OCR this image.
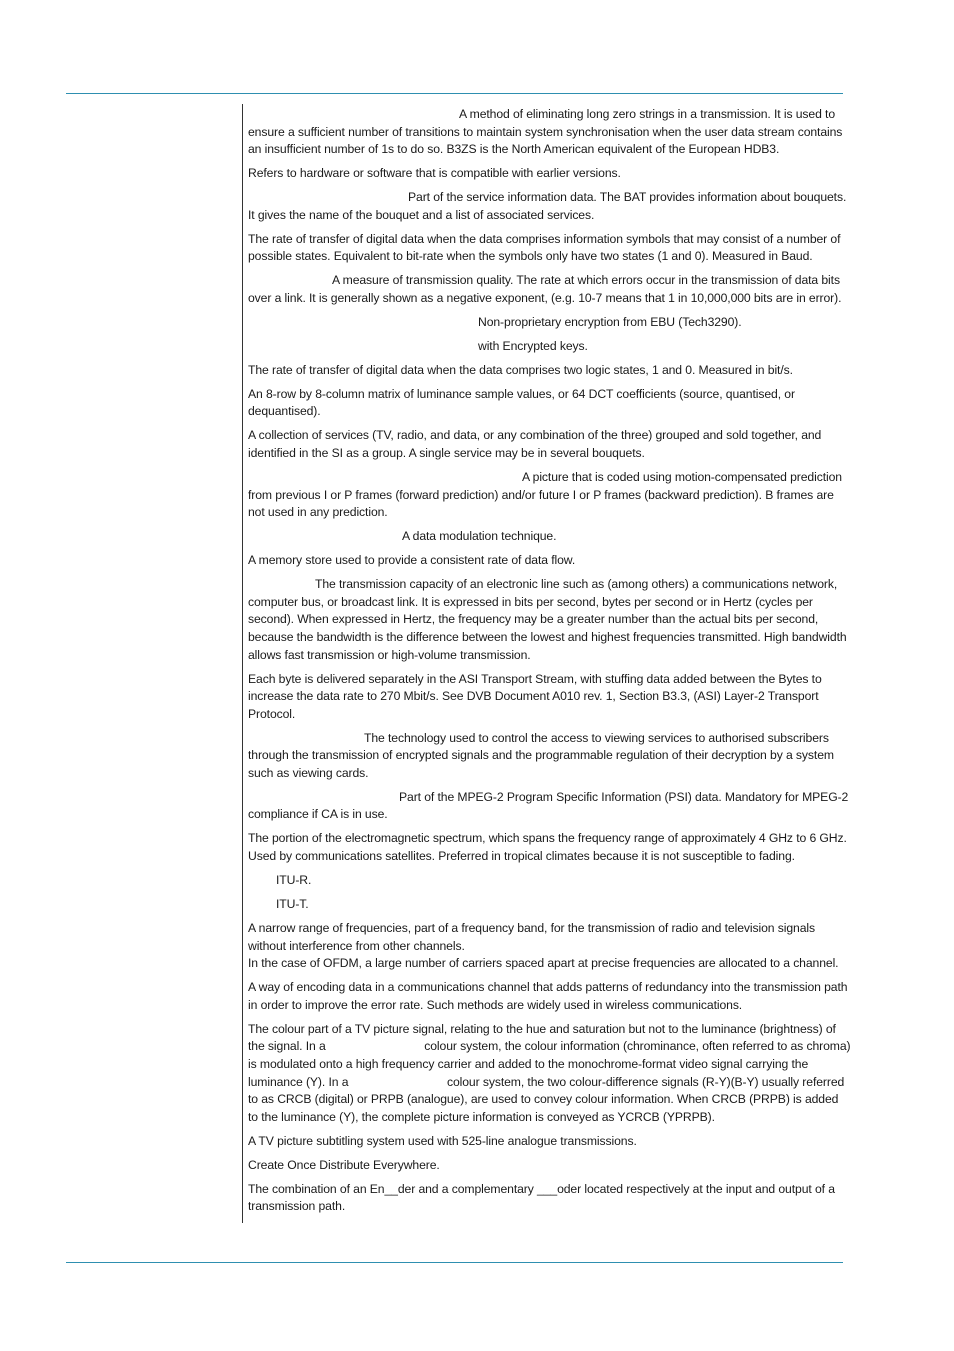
A method of eliminating long zero strings in a transmission. It is used to ensure a sufficient number of transitions to maintain system synchronisation when the user data stream contains an insufficient number of 1s to do so. B3ZS is the North American equivalent of the European HDB3.

Refers to hardware or software that is compatible with earlier versions.

Part of the service information data. The BAT provides information about bouquets. It gives the name of the bouquet and a list of associated services.

The rate of transfer of digital data when the data comprises information symbols that may consist of a number of possible states. Equivalent to bit-rate when the symbols only have two states (1 and 0). Measured in Baud.

A measure of transmission quality. The rate at which errors occur in the transmission of data bits over a link. It is generally shown as a negative exponent, (e.g. 10-7 means that 1 in 10,000,000 bits are in error).

Non-proprietary encryption from EBU (Tech3290).

with Encrypted keys.

The rate of transfer of digital data when the data comprises two logic states, 1 and 0. Measured in bit/s.

An 8-row by 8-column matrix of luminance sample values, or 64 DCT coefficients (source, quantised, or dequantised).

A collection of services (TV, radio, and data, or any combination of the three) grouped and sold together, and identified in the SI as a group. A single service may be in several bouquets.

A picture that is coded using motion-compensated prediction from previous I or P frames (forward prediction) and/or future I or P frames (backward prediction). B frames are not used in any prediction.

A data modulation technique.

A memory store used to provide a consistent rate of data flow.

The transmission capacity of an electronic line such as (among others) a communications network, computer bus, or broadcast link. It is expressed in bits per second, bytes per second or in Hertz (cycles per second). When expressed in Hertz, the frequency may be a greater number than the actual bits per second, because the bandwidth is the difference between the lowest and highest frequencies transmitted. High bandwidth allows fast transmission or high-volume transmission.

Each byte is delivered separately in the ASI Transport Stream, with stuffing data added between the Bytes to increase the data rate to 270 Mbit/s. See DVB Document A010 rev. 1, Section B3.3, (ASI) Layer-2 Transport Protocol.

The technology used to control the access to viewing services to authorised subscribers through the transmission of encrypted signals and the programmable regulation of their decryption by a system such as viewing cards.

Part of the MPEG-2 Program Specific Information (PSI) data. Mandatory for MPEG-2 compliance if CA is in use.

The portion of the electromagnetic spectrum, which spans the frequency range of approximately 4 GHz to 6 GHz. Used by communications satellites. Preferred in tropical climates because it is not susceptible to fading.

ITU-R.

ITU-T.

A narrow range of frequencies, part of a frequency band, for the transmission of radio and television signals without interference from other channels.

In the case of OFDM, a large number of carriers spaced apart at precise frequencies are allocated to a channel.

A way of encoding data in a communications channel that adds patterns of redundancy into the transmission path in order to improve the error rate. Such methods are widely used in wireless communications.

The colour part of a TV picture signal, relating to the hue and saturation but not to the luminance (brightness) of the signal. In a                              colour system, the colour information (chrominance, often referred to as chroma) is modulated onto a high frequency carrier and added to the monochrome-format video signal carrying the luminance (Y). In a                              colour system, the two colour-difference signals (R-Y)(B-Y) usually referred to as CRCB (digital) or PRPB (analogue), are used to convey colour information. When CRCB (PRPB) is added to the luminance (Y), the complete picture information is conveyed as YCRCB (YPRPB).

A TV picture subtitling system used with 525-line analogue transmissions.

Create Once Distribute Everywhere.

The combination of an En__der and a complementary ___oder located respectively at the input and output of a transmission path.
